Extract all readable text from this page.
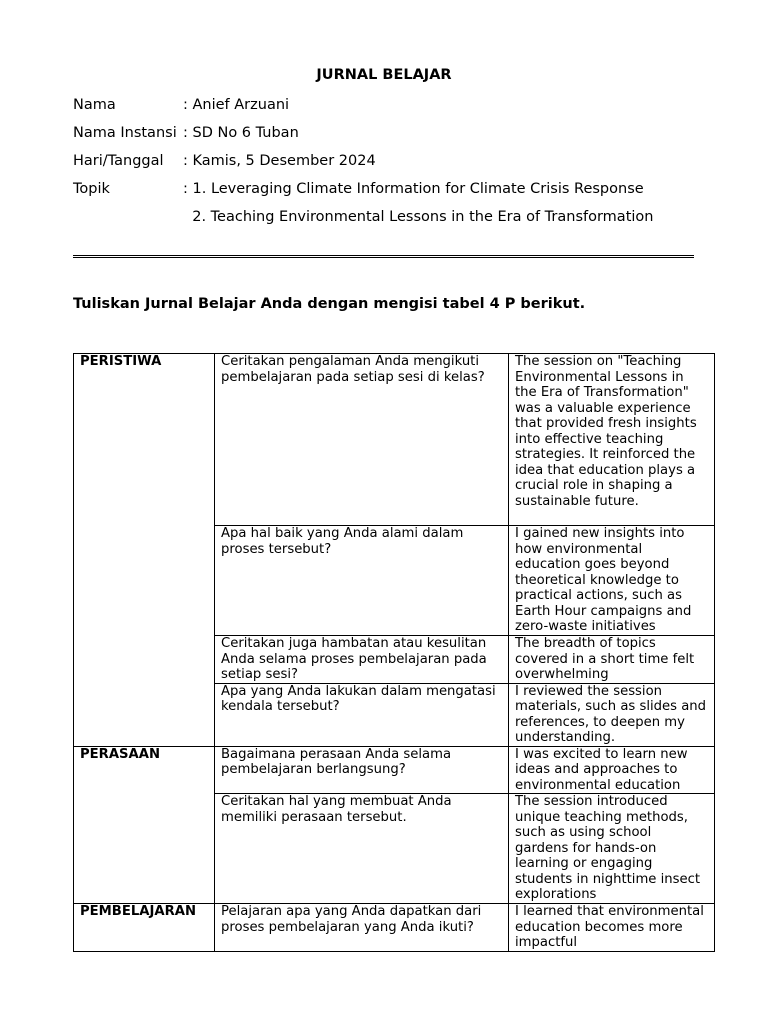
JURNAL BELAJAR
Nama	: Anief Arzuani
Nama Instansi : SD No 6 Tuban
Hari/Tanggal : Kamis, 5 Desember 2024
Topik	: 1. Leveraging Climate Information for Climate Crisis Response
2. Teaching Environmental Lessons in the Era of Transformation
Tuliskan Jurnal Belajar Anda dengan mengisi tabel 4 P berikut.
PERISTIWA	Ceritakan pengalaman Anda mengikuti pembelajaran pada setiap sesi di kelas?	The session on "Teaching Environmental Lessons in the Era of Transformation" was a valuable experience that provided fresh insights into effective teaching strategies. It reinforced the idea that education plays a crucial role in shaping a sustainable future.
	Apa hal baik yang Anda alami dalam proses tersebut?	I gained new insights into how environmental education goes beyond theoretical knowledge to practical actions, such as Earth Hour campaigns and zero-waste initiatives
	Ceritakan juga hambatan atau kesulitan Anda selama proses pembelajaran pada setiap sesi?	The breadth of topics covered in a short time felt overwhelming
	Apa yang Anda lakukan dalam mengatasi kendala tersebut?	I reviewed the session materials, such as slides and references, to deepen my understanding.
PERASAAN	Bagaimana perasaan Anda selama pembelajaran berlangsung?	I was excited to learn new ideas and approaches to environmental education
	Ceritakan hal yang membuat Anda memiliki perasaan tersebut.	The session introduced unique teaching methods, such as using school gardens for hands-on learning or engaging students in nighttime insect explorations
PEMBELAJARAN	Pelajaran apa yang Anda dapatkan dari proses pembelajaran yang Anda ikuti?	I learned that environmental education becomes more impactful
